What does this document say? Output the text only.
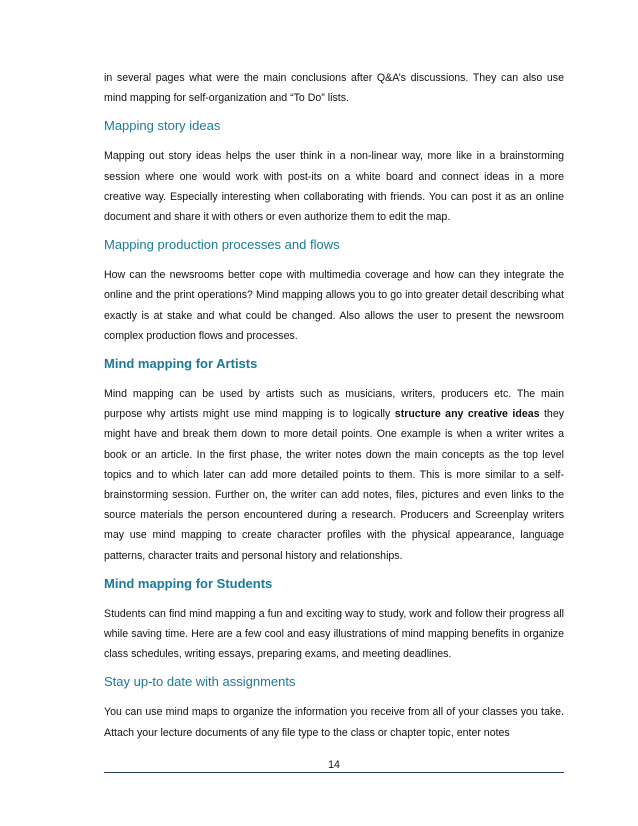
in several pages what were the main conclusions after Q&A’s discussions. They can also use mind mapping for self-organization and “To Do” lists.

Mapping story ideas

Mapping out story ideas helps the user think in a non-linear way, more like in a brainstorming session where one would work with post-its on a white board and connect ideas in a more creative way. Especially interesting when collaborating with friends. You can post it as an online document and share it with others or even authorize them to edit the map.

Mapping production processes and flows

How can the newsrooms better cope with multimedia coverage and how can they integrate the online and the print operations? Mind mapping allows you to go into greater detail describing what exactly is at stake and what could be changed. Also allows the user to present the newsroom complex production flows and processes.

Mind mapping for Artists

Mind mapping can be used by artists such as musicians, writers, producers etc. The main purpose why artists might use mind mapping is to logically structure any creative ideas they might have and break them down to more detail points. One example is when a writer writes a book or an article. In the first phase, the writer notes down the main concepts as the top level topics and to which later can add more detailed points to them. This is more similar to a self-brainstorming session. Further on, the writer can add notes, files, pictures and even links to the source materials the person encountered during a research. Producers and Screenplay writers may use mind mapping to create character profiles with the physical appearance, language patterns, character traits and personal history and relationships.

Mind mapping for Students

Students can find mind mapping a fun and exciting way to study, work and follow their progress all while saving time. Here are a few cool and easy illustrations of mind mapping benefits in organize class schedules, writing essays, preparing exams, and meeting deadlines.

Stay up-to date with assignments

You can use mind maps to organize the information you receive from all of your classes you take. Attach your lecture documents of any file type to the class or chapter topic, enter notes

14
